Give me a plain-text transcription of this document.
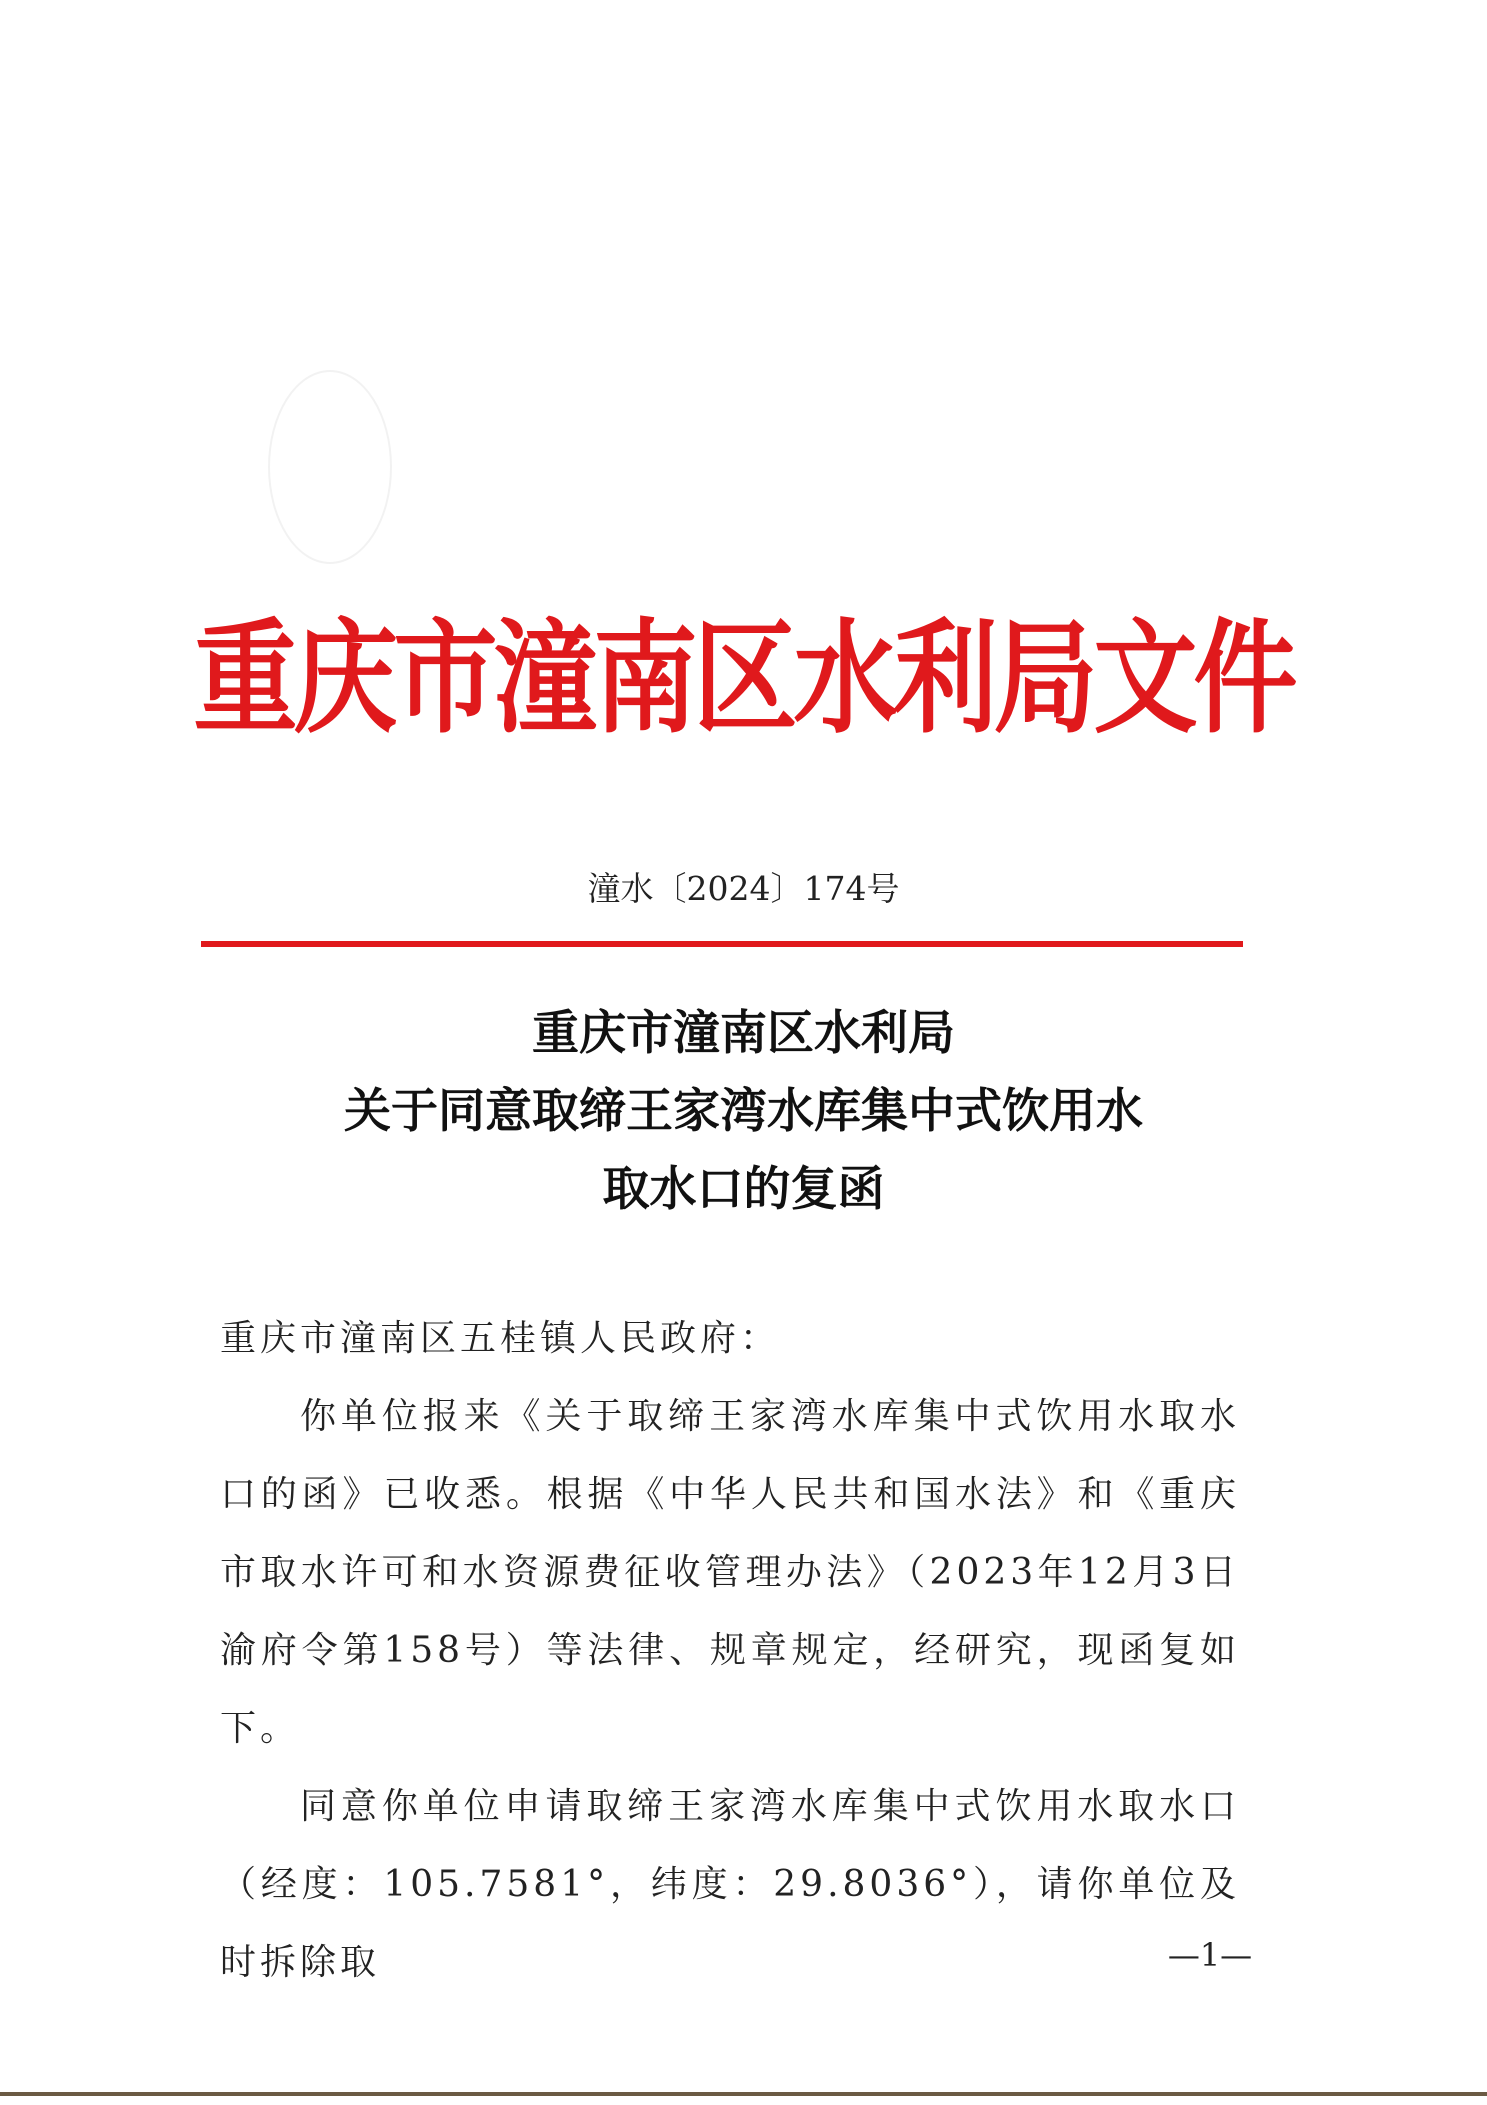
重庆市潼南区水利局文件
潼水〔2024〕174号
重庆市潼南区水利局
关于同意取缔王家湾水库集中式饮用水
取水口的复函

重庆市潼南区五桂镇人民政府：

你单位报来《关于取缔王家湾水库集中式饮用水取水口的函》已收悉。根据《中华人民共和国水法》和《重庆市取水许可和水资源费征收管理办法》（2023年12月3日渝府令第158号）等法律、规章规定，经研究，现函复如下。

同意你单位申请取缔王家湾水库集中式饮用水取水口（经度：105.7581°，纬度：29.8036°），请你单位及时拆除取	—1—
